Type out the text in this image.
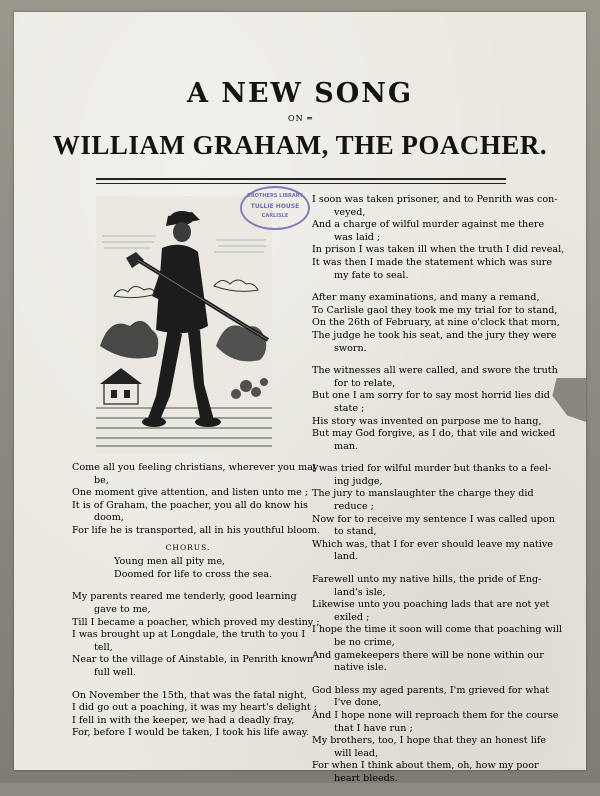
A NEW SONG
ON ═
WILLIAM GRAHAM, THE POACHER.
BROTHERS LIBRARY
TULLIE HOUSE
CARLISLE
Come all you feeling christians, wherever you may
be,
One moment give attention, and listen unto me ;
It is of Graham, the poacher, you all do know his
doom,
For life he is transported, all in his youthful bloom.
CHORUS.
Young men all pity me,
Doomed for life to cross the sea.
My parents reared me tenderly, good learning
gave to me,
Till I became a poacher, which proved my destiny ;
I was brought up at Longdale, the truth to you I
tell,
Near to the village of Ainstable, in Penrith known
full well.
On November the 15th, that was the fatal night,
I did go out a poaching, it was my heart's delight ;
I fell in with the keeper, we had a deadly fray,
For, before I would be taken, I took his life away.
I soon was taken prisoner, and to Penrith was con-
veyed,
And a charge of wilful murder against me there
was laid ;
In prison I was taken ill when the truth I did reveal,
It was then I made the statement which was sure
my fate to seal.
After many examinations, and many a remand,
To Carlisle gaol they took me my trial for to stand,
On the 26th of February, at nine o'clock that morn,
The judge he took his seat, and the jury they were
sworn.
The witnesses all were called, and swore the truth
for to relate,
But one I am sorry for to say most horrid lies did
state ;
His story was invented on purpose me to hang,
But may God forgive, as I do, that vile and wicked
man.
I was tried for wilful murder but thanks to a feel-
ing judge,
The jury to manslaughter the charge they did
reduce ;
Now for to receive my sentence I was called upon
to stand,
Which was, that I for ever should leave my native
land.
Farewell unto my native hills, the pride of Eng-
land's isle,
Likewise unto you poaching lads that are not yet
exiled ;
I hope the time it soon will come that poaching will
be no crime,
And gamekeepers there will be none within our
native isle.
God bless my aged parents, I'm grieved for what
I've done,
And I hope none will reproach them for the course
that I have run ;
My brothers, too, I hope that they an honest life
will lead,
For when I think about them, oh, how my poor
heart bleeds.
